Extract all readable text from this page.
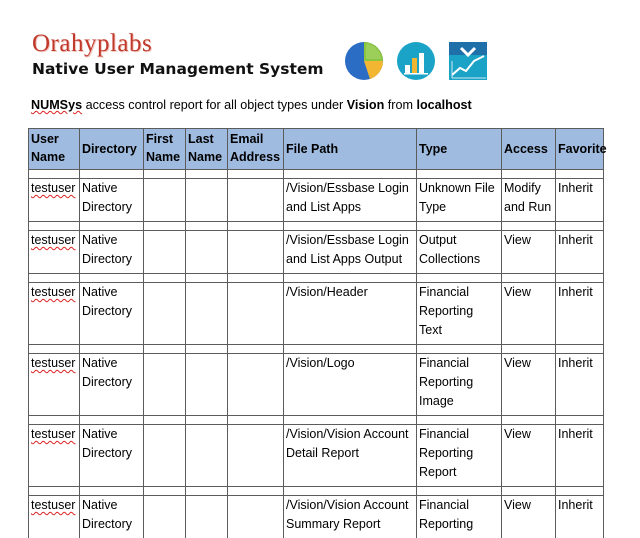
Orahyplabs
Native User Management System
NUMSys access control report for all object types under Vision from localhost
User Name	Directory	First Name	Last Name	Email Address	File Path	Type	Access	Favorite

testuser	Native Directory				/Vision/Essbase Login and List Apps	Unknown File Type	Modify and Run	Inherit

testuser	Native Directory				/Vision/Essbase Login and List Apps Output	Output Collections	View	Inherit

testuser	Native Directory				/Vision/Header	Financial Reporting Text	View	Inherit

testuser	Native Directory				/Vision/Logo	Financial Reporting Image	View	Inherit

testuser	Native Directory				/Vision/Vision Account Detail Report	Financial Reporting Report	View	Inherit

testuser	Native Directory				/Vision/Vision Account Summary Report	Financial Reporting	View	Inherit
